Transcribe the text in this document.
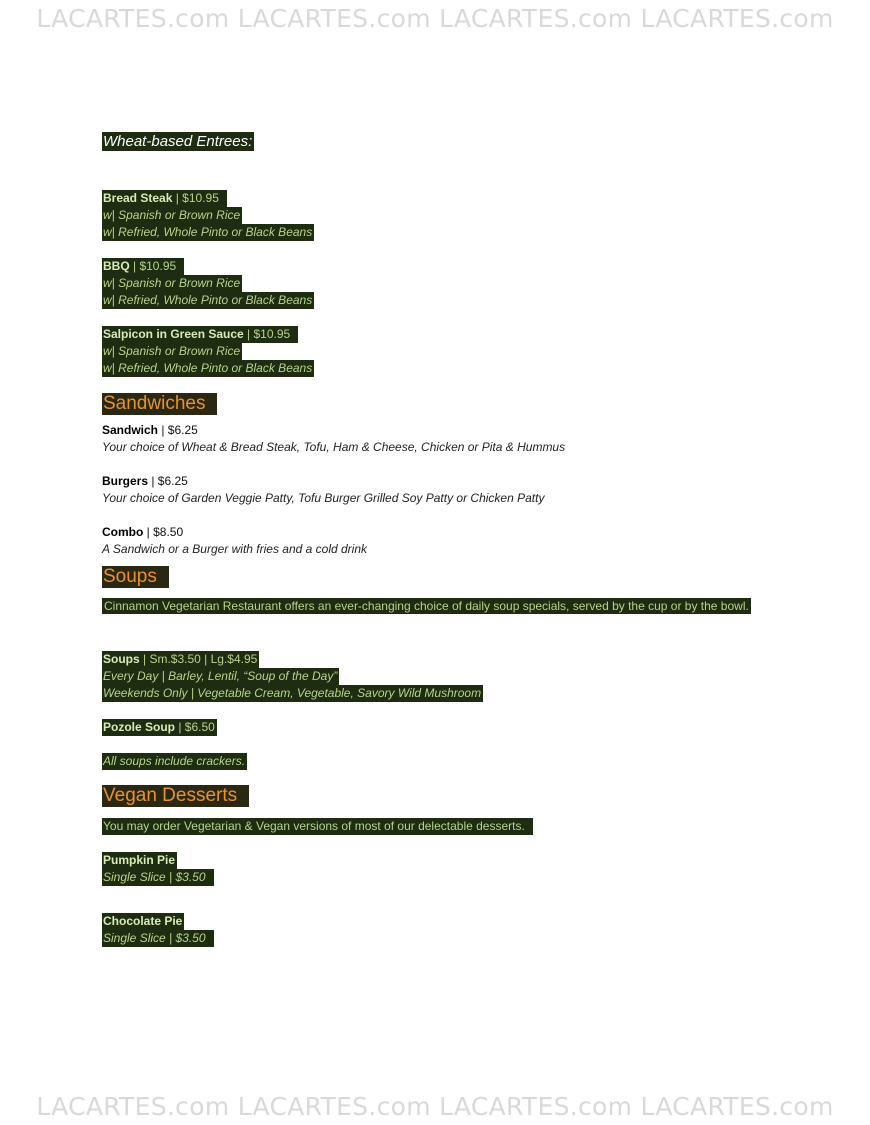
LACARTES.com LACARTES.com LACARTES.com LACARTES.com
Wheat-based Entrees:
Bread Steak | $10.95
w| Spanish or Brown Rice
w| Refried, Whole Pinto or Black Beans
BBQ | $10.95
w| Spanish or Brown Rice
w| Refried, Whole Pinto or Black Beans
Salpicon in Green Sauce | $10.95
w| Spanish or Brown Rice
w| Refried, Whole Pinto or Black Beans
Sandwiches
Sandwich | $6.25
Your choice of Wheat & Bread Steak, Tofu, Ham & Cheese, Chicken or Pita & Hummus
Burgers | $6.25
Your choice of Garden Veggie Patty, Tofu Burger Grilled Soy Patty or Chicken Patty
Combo | $8.50
A Sandwich or a Burger with fries and a cold drink
Soups
Cinnamon Vegetarian Restaurant offers an ever-changing choice of daily soup specials, served by the cup or by the bowl.
Soups | Sm.$3.50 | Lg.$4.95
Every Day | Barley, Lentil, “Soup of the Day”
Weekends Only | Vegetable Cream, Vegetable, Savory Wild Mushroom
Pozole Soup | $6.50
All soups include crackers.
Vegan Desserts
You may order Vegetarian & Vegan versions of most of our delectable desserts.
Pumpkin Pie
Single Slice | $3.50
Chocolate Pie
Single Slice | $3.50
LACARTES.com LACARTES.com LACARTES.com LACARTES.com
